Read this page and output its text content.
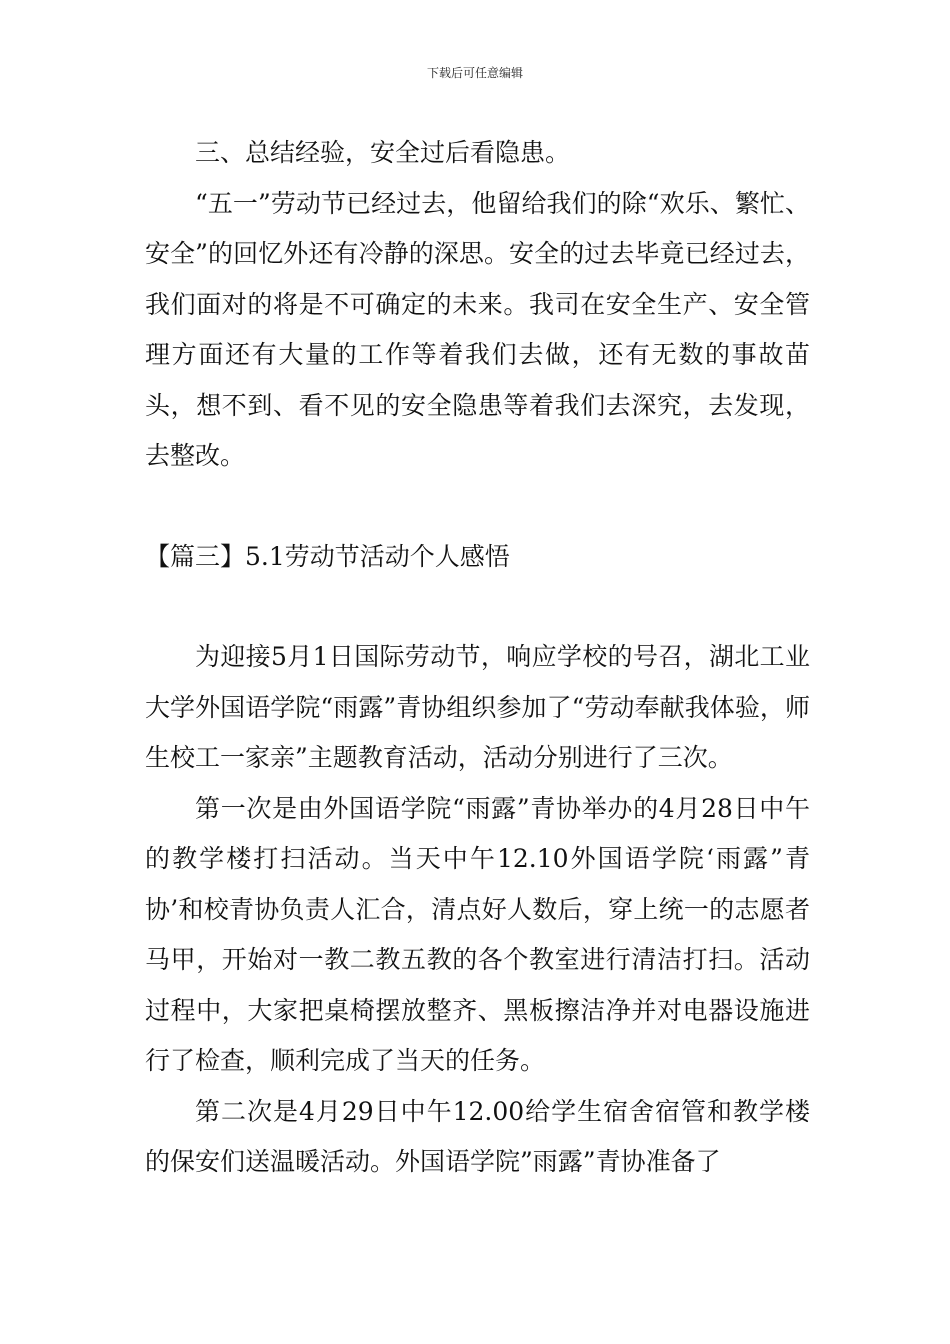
下载后可任意编辑

三、总结经验，安全过后看隐患。

“五一”劳动节已经过去，他留给我们的除“欢乐、繁忙、安全”的回忆外还有冷静的深思。安全的过去毕竟已经过去，我们面对的将是不可确定的未来。我司在安全生产、安全管理方面还有大量的工作等着我们去做，还有无数的事故苗头，想不到、看不见的安全隐患等着我们去深究，去发现，去整改。

【篇三】5.1劳动节活动个人感悟

为迎接5月1日国际劳动节，响应学校的号召，湖北工业大学外国语学院“雨露”青协组织参加了“劳动奉献我体验，师生校工一家亲”主题教育活动，活动分别进行了三次。

第一次是由外国语学院“雨露”青协举办的4月28日中午的教学楼打扫活动。当天中午12.10外国语学院‘雨露”青协’和校青协负责人汇合，清点好人数后，穿上统一的志愿者马甲，开始对一教二教五教的各个教室进行清洁打扫。活动过程中，大家把桌椅摆放整齐、黑板擦洁净并对电器设施进行了检查，顺利完成了当天的任务。

第二次是4月29日中午12.00给学生宿舍宿管和教学楼的保安们送温暖活动。外国语学院”雨露”青协准备了
